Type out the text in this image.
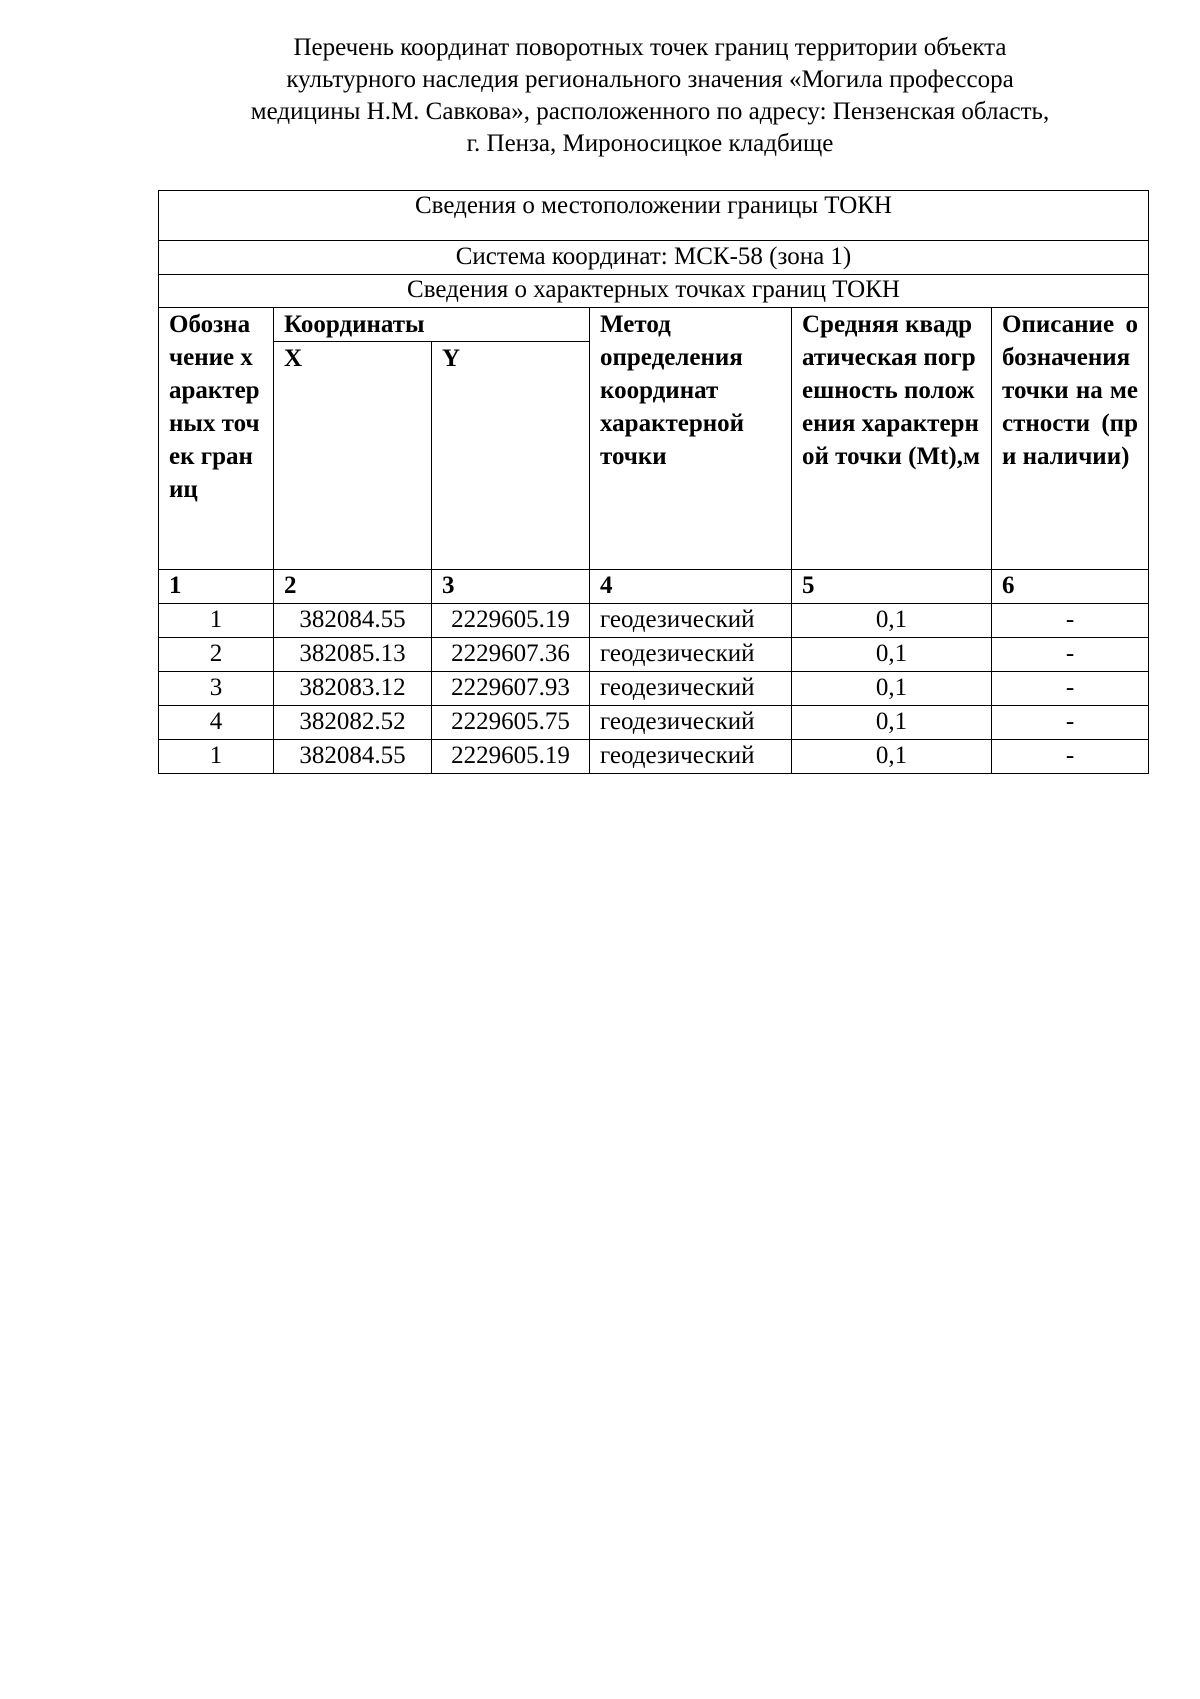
Перечень координат поворотных точек границ территории объекта
культурного наследия регионального значения «Могила профессора
медицины Н.М. Савкова», расположенного по адресу: Пензенская область,
г. Пенза, Мироносицкое кладбище
Сведения о местоположении границы ТОКН					
Система координат: МСК-58 (зона 1)					
Сведения о характерных точках границ ТОКН					

Обозначение характерных точек границ	Координаты		Метод определения координат характерной точки	Средняя квадратическая погрешность положения характерной точки (Mt),м	Описание обозначения точки на местности (при наличии)

	X	Y			
1	2	3	4	5	6
1	382084.55	2229605.19	геодезический	0,1	-
2	382085.13	2229607.36	геодезический	0,1	-
3	382083.12	2229607.93	геодезический	0,1	-
4	382082.52	2229605.75	геодезический	0,1	-
1	382084.55	2229605.19	геодезический	0,1	-
